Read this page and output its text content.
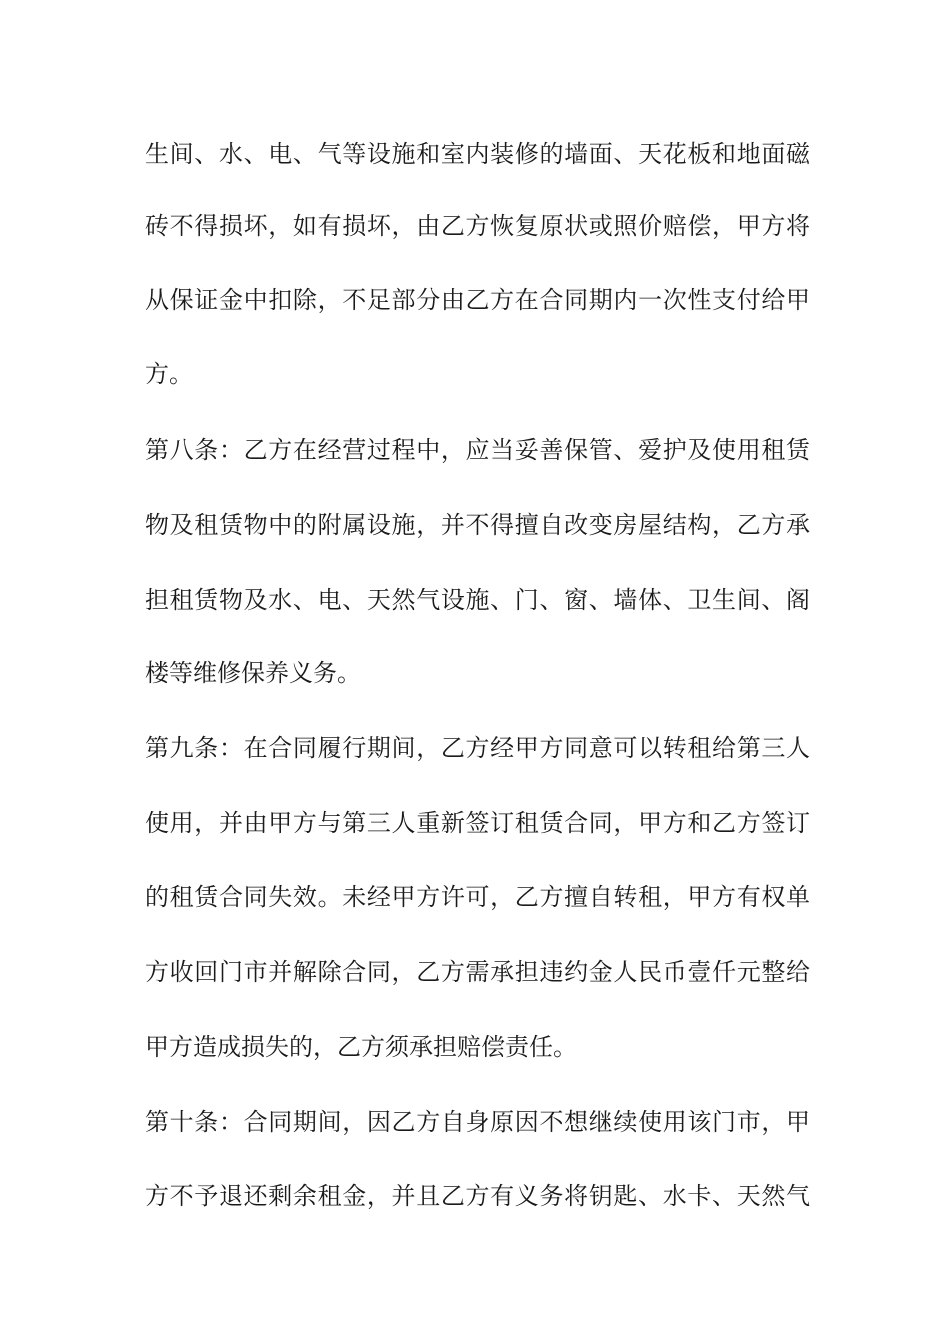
生间、水、电、气等设施和室内装修的墙面、天花板和地面磁
砖不得损坏，如有损坏，由乙方恢复原状或照价赔偿，甲方将
从保证金中扣除，不足部分由乙方在合同期内一次性支付给甲
方。
第八条：乙方在经营过程中，应当妥善保管、爱护及使用租赁
物及租赁物中的附属设施，并不得擅自改变房屋结构，乙方承
担租赁物及水、电、天然气设施、门、窗、墙体、卫生间、阁
楼等维修保养义务。
第九条：在合同履行期间，乙方经甲方同意可以转租给第三人
使用，并由甲方与第三人重新签订租赁合同，甲方和乙方签订
的租赁合同失效。未经甲方许可，乙方擅自转租，甲方有权单
方收回门市并解除合同，乙方需承担违约金人民币壹仟元整给
甲方造成损失的，乙方须承担赔偿责任。
第十条：合同期间，因乙方自身原因不想继续使用该门市，甲
方不予退还剩余租金，并且乙方有义务将钥匙、水卡、天然气
